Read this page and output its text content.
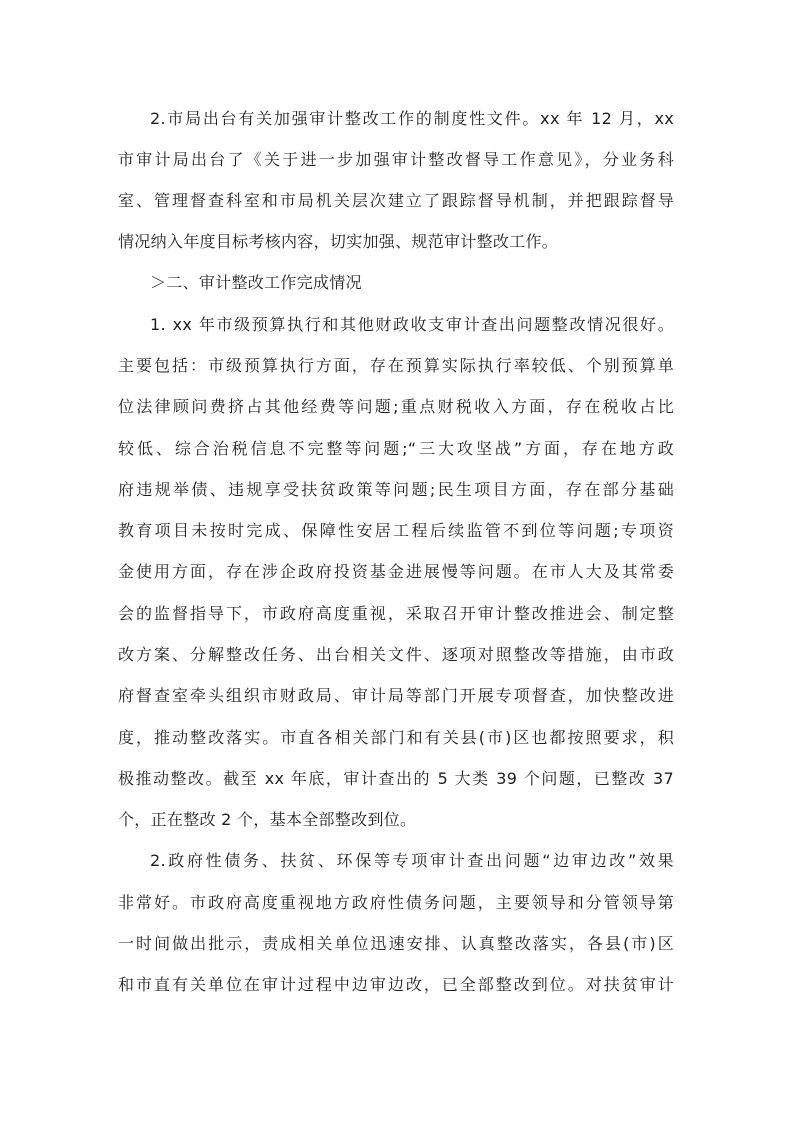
2.市局出台有关加强审计整改工作的制度性文件。xx 年 12 月，xx

市审计局出台了《关于进一步加强审计整改督导工作意见》，分业务科

室、管理督查科室和市局机关层次建立了跟踪督导机制，并把跟踪督导

情况纳入年度目标考核内容，切实加强、规范审计整改工作。

＞二、审计整改工作完成情况

1. xx 年市级预算执行和其他财政收支审计查出问题整改情况很好。

主要包括：市级预算执行方面，存在预算实际执行率较低、个别预算单

位法律顾问费挤占其他经费等问题;重点财税收入方面，存在税收占比

较低、综合治税信息不完整等问题;“三大攻坚战”方面，存在地方政

府违规举债、违规享受扶贫政策等问题;民生项目方面，存在部分基础

教育项目未按时完成、保障性安居工程后续监管不到位等问题;专项资

金使用方面，存在涉企政府投资基金进展慢等问题。在市人大及其常委

会的监督指导下，市政府高度重视，采取召开审计整改推进会、制定整

改方案、分解整改任务、出台相关文件、逐项对照整改等措施，由市政

府督查室牵头组织市财政局、审计局等部门开展专项督查，加快整改进

度，推动整改落实。市直各相关部门和有关县(市)区也都按照要求，积

极推动整改。截至 xx 年底，审计查出的 5 大类 39 个问题，已整改 37

个，正在整改 2 个，基本全部整改到位。

2.政府性债务、扶贫、环保等专项审计查出问题“边审边改”效果

非常好。市政府高度重视地方政府性债务问题，主要领导和分管领导第

一时间做出批示，责成相关单位迅速安排、认真整改落实，各县(市)区

和市直有关单位在审计过程中边审边改，已全部整改到位。对扶贫审计
